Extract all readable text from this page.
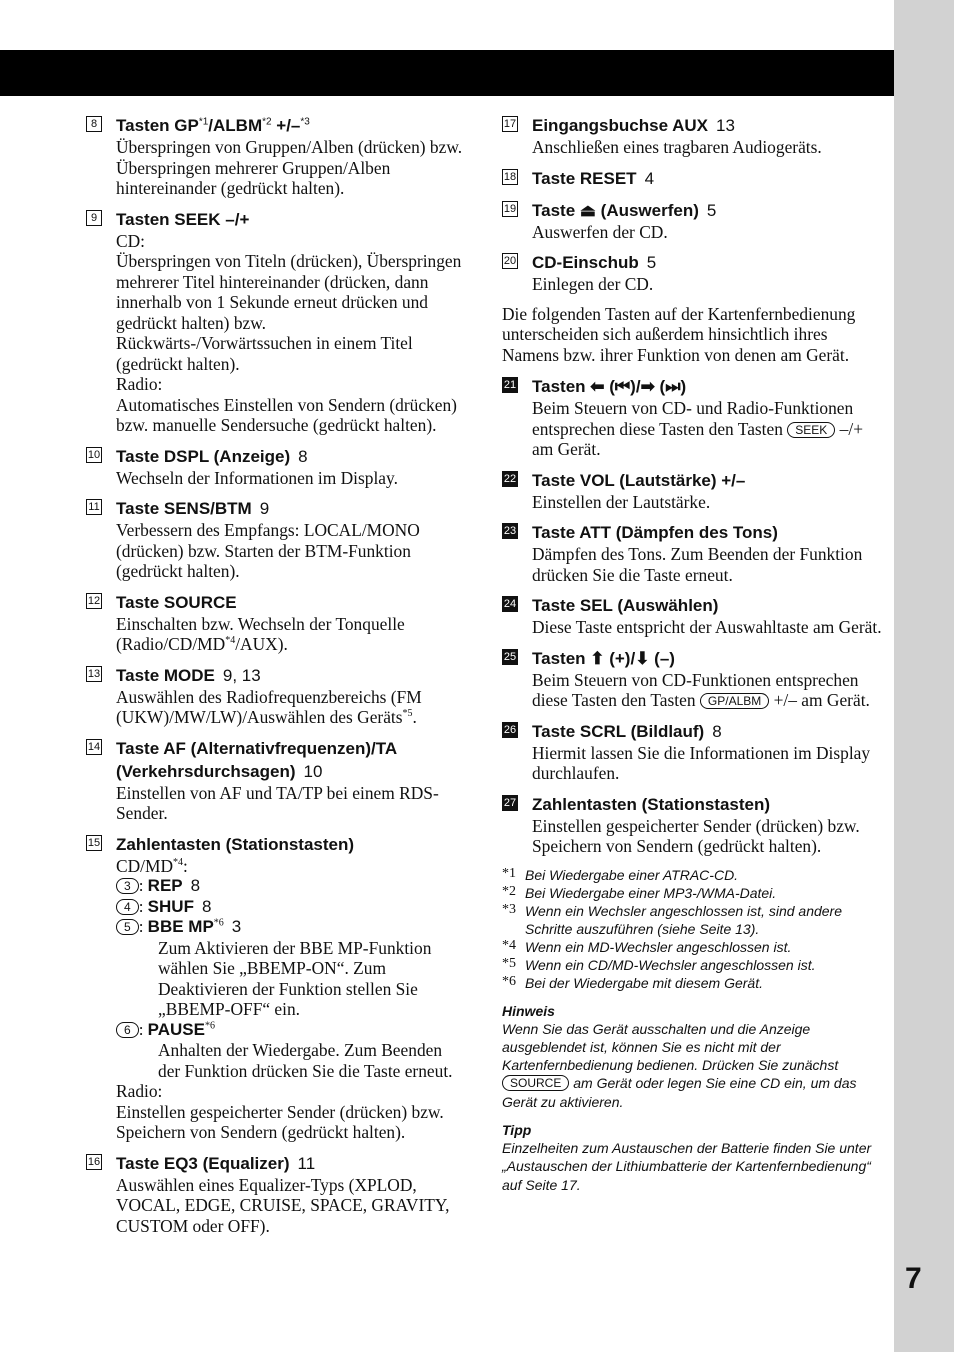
7
8 Tasten $GP^{*1}/ALBM^{*2} +/-^{*3}$
Überspringen von Gruppen/Alben (drücken) bzw. Überspringen mehrerer Gruppen/Alben hintereinander (gedrückt halten).
9 Tasten SEEK –/+
CD:
Überspringen von Titeln (drücken), Überspringen mehrerer Titel hintereinander (drücken, dann innerhalb von 1 Sekunde erneut drücken und gedrückt halten) bzw. Rückwärts-/Vorwärtssuchen in einem Titel (gedrückt halten).
Radio:
Automatisches Einstellen von Sendern (drücken) bzw. manuelle Sendersuche (gedrückt halten).
10 Taste DSPL (Anzeige) 8
Wechseln der Informationen im Display.
11 Taste SENS/BTM 9
Verbessern des Empfangs: LOCAL/MONO (drücken) bzw. Starten der BTM-Funktion (gedrückt halten).
12 Taste SOURCE
Einschalten bzw. Wechseln der Tonquelle (Radio/CD/MD$^{*4}$/AUX).
13 Taste MODE 9, 13
Auswählen des Radiofrequenzbereichs (FM (UKW)/MW/LW)/Auswählen des Geräts$^{*5}$.
14 Taste AF (Alternativfrequenzen)/TA (Verkehrsdurchsagen) 10
Einstellen von AF und TA/TP bei einem RDS-Sender.
15 Zahlentasten (Stationstasten)
CD/MD$^{*4}$:
3 : REP 8
4 : SHUF 8
5 : BBE MP$^{*6}$ 3
Zum Aktivieren der BBE MP-Funktion wählen Sie „BBEMP-ON“. Zum Deaktivieren der Funktion stellen Sie „BBEMP-OFF“ ein.
6 : PAUSE$^{*6}$
Anhalten der Wiedergabe. Zum Beenden der Funktion drücken Sie die Taste erneut.
Radio:
Einstellen gespeicherter Sender (drücken) bzw. Speichern von Sendern (gedrückt halten).
16 Taste EQ3 (Equalizer) 11
Auswählen eines Equalizer-Typs (XPLOD, VOCAL, EDGE, CRUISE, SPACE, GRAVITY, CUSTOM oder OFF).
17 Eingangsbuchse AUX 13
Anschließen eines tragbaren Audiogeräts.
18 Taste RESET 4
19 Taste ⏏ (Auswerfen) 5
Auswerfen der CD.
20 CD-Einschub 5
Einlegen der CD.
Die folgenden Tasten auf der Kartenfernbedienung unterscheiden sich außerdem hinsichtlich ihres Namens bzw. ihrer Funktion von denen am Gerät.
21 Tasten ⬅ (⏮)/➡ (⏭)
Beim Steuern von CD- und Radio-Funktionen entsprechen diese Tasten den Tasten SEEK –/+ am Gerät.
22 Taste VOL (Lautstärke) +/–
Einstellen der Lautstärke.
23 Taste ATT (Dämpfen des Tons)
Dämpfen des Tons. Zum Beenden der Funktion drücken Sie die Taste erneut.
24 Taste SEL (Auswählen)
Diese Taste entspricht der Auswahltaste am Gerät.
25 Tasten ⬆ (+)/⬇ (–)
Beim Steuern von CD-Funktionen entsprechen diese Tasten den Tasten GP/ALBM +/– am Gerät.
26 Taste SCRL (Bildlauf) 8
Hiermit lassen Sie die Informationen im Display durchlaufen.
27 Zahlentasten (Stationstasten)
Einstellen gespeicherter Sender (drücken) bzw. Speichern von Sendern (gedrückt halten).
*1 Bei Wiedergabe einer ATRAC-CD.
*2 Bei Wiedergabe einer MP3-/WMA-Datei.
*3 Wenn ein Wechsler angeschlossen ist, sind andere Schritte auszuführen (siehe Seite 13).
*4 Wenn ein MD-Wechsler angeschlossen ist.
*5 Wenn ein CD/MD-Wechsler angeschlossen ist.
*6 Bei der Wiedergabe mit diesem Gerät.
Hinweis
Wenn Sie das Gerät ausschalten und die Anzeige ausgeblendet ist, können Sie es nicht mit der Kartenfernbedienung bedienen. Drücken Sie zunächst SOURCE am Gerät oder legen Sie eine CD ein, um das Gerät zu aktivieren.
Tipp
Einzelheiten zum Austauschen der Batterie finden Sie unter „Austauschen der Lithiumbatterie der Kartenfernbedienung“ auf Seite 17.
